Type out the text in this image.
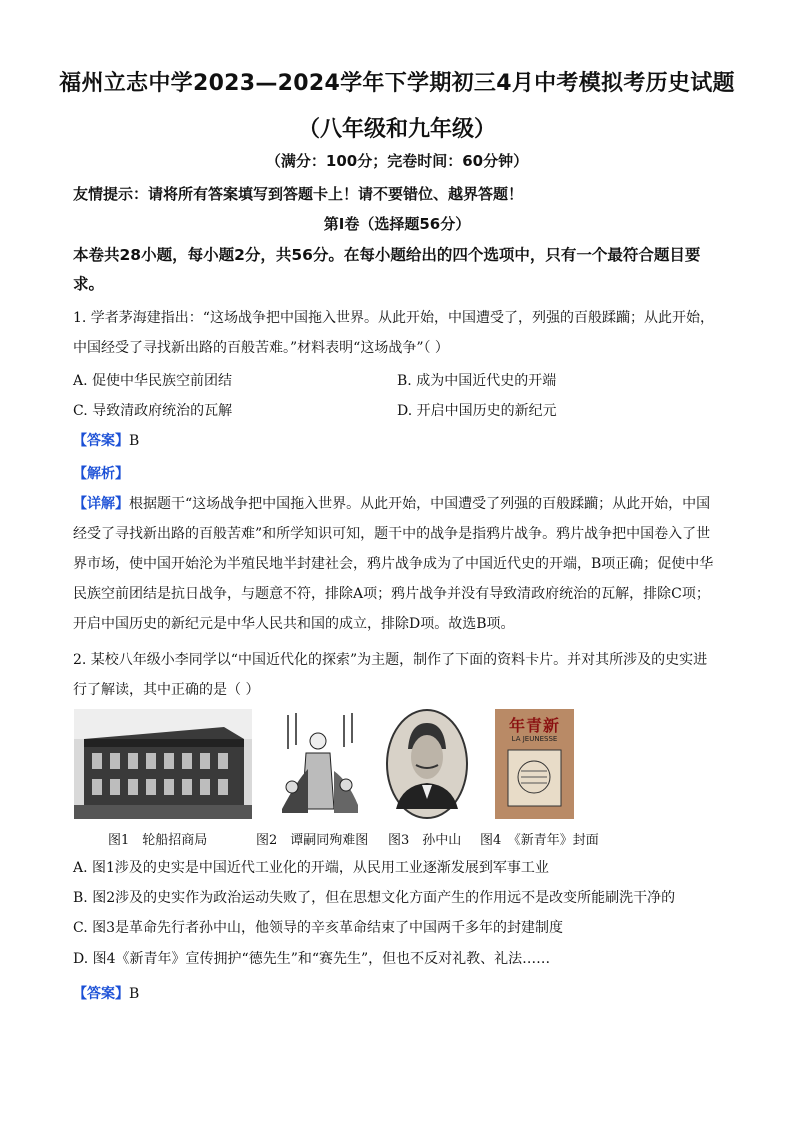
福州立志中学2023—2024学年下学期初三4月中考模拟考历史试题
（八年级和九年级）
（满分：100分；完卷时间：60分钟）
友情提示：请将所有答案填写到答题卡上！请不要错位、越界答题！
第Ⅰ卷（选择题56分）
本卷共28小题，每小题2分，共56分。在每小题给出的四个选项中，只有一个最符合题目要求。
1. 学者茅海建指出：“这场战争把中国拖入世界。从此开始，中国遭受了，列强的百般蹂躏；从此开始，
中国经受了寻找新出路的百般苦难。”材料表明“这场战争”（ ）
A. 促使中华民族空前团结	B. 成为中国近代史的开端
C. 导致清政府统治的瓦解	D. 开启中国历史的新纪元
【答案】B
【解析】
【详解】根据题干“这场战争把中国拖入世界。从此开始，中国遭受了列强的百般蹂躏；从此开始，中国
经受了寻找新出路的百般苦难”和所学知识可知，题干中的战争是指鸦片战争。鸦片战争把中国卷入了世
界市场，使中国开始沦为半殖民地半封建社会，鸦片战争成为了中国近代史的开端，B项正确；促使中华
民族空前团结是抗日战争，与题意不符，排除A项；鸦片战争并没有导致清政府统治的瓦解，排除C项；
开启中国历史的新纪元是中华人民共和国的成立，排除D项。故选B项。
2. 某校八年级小李同学以“中国近代化的探索”为主题，制作了下面的资料卡片。并对其所涉及的史实进
行了解读，其中正确的是（ ）
年青新
LA JEUNESSE
图1　轮船招商局	图2　谭嗣同殉难图 图3　孙中山 图4　《新青年》封面
A. 图1涉及的史实是中国近代工业化的开端，从民用工业逐渐发展到军事工业
B. 图2涉及的史实作为政治运动失败了，但在思想文化方面产生的作用远不是改变所能刷洗干净的
C. 图3是革命先行者孙中山，他领导的辛亥革命结束了中国两千多年的封建制度
D. 图4《新青年》宣传拥护“德先生”和“赛先生”，但也不反对礼教、礼法……
【答案】B
